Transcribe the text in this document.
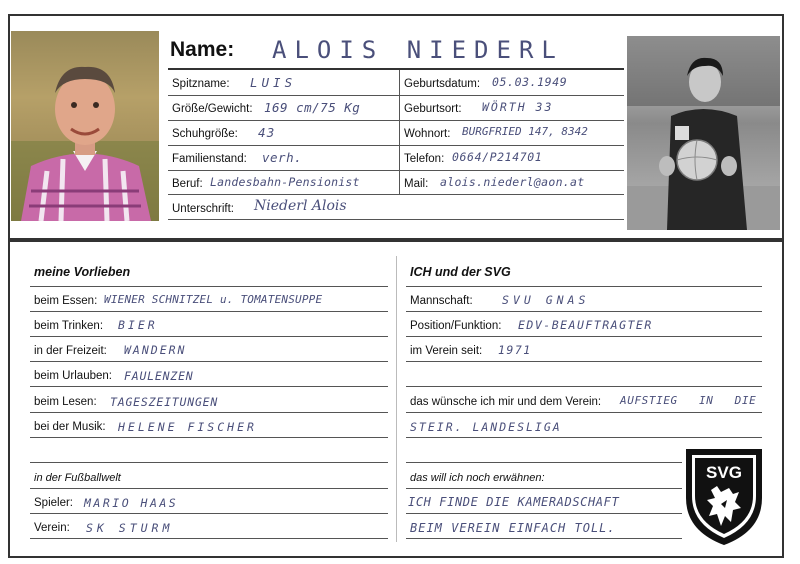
Name: ALOIS NIEDERL
Spitzname: LUIS
Größe/Gewicht: 169 cm/75 Kg
Schuhgröße: 43
Familienstand: verh.
Beruf: Landesbahn-Pensionist
Unterschrift: Niederl Alois
Geburtsdatum: 05.03.1949
Geburtsort: WÖRTH 33
Wohnort: BURGFRIED 147, 8342
Telefon: 0664/P214701
Mail: alois.niederl@aon.at
meine Vorlieben
beim Essen: WIENER SCHNITZEL u. TOMATENSUPPE
beim Trinken: BIER
in der Freizeit: WANDERN
beim Urlauben: FAULENZEN
beim Lesen: TAGESZEITUNGEN
bei der Musik: HELENE FISCHER
in der Fußballwelt
Spieler: MARIO HAAS
Verein: SK STURM
ICH und der SVG
Mannschaft:	SVU GNAS
Position/Funktion: EDV-BEAUFTRAGTER
im Verein seit: 1971
das wünsche ich mir und dem Verein: AUFSTIEG IN DIE
STEIR. LANDESLIGA
das will ich noch erwähnen:
ICH FINDE DIE KAMERADSCHAFT
BEIM VEREIN EINFACH TOLL.
SVG
